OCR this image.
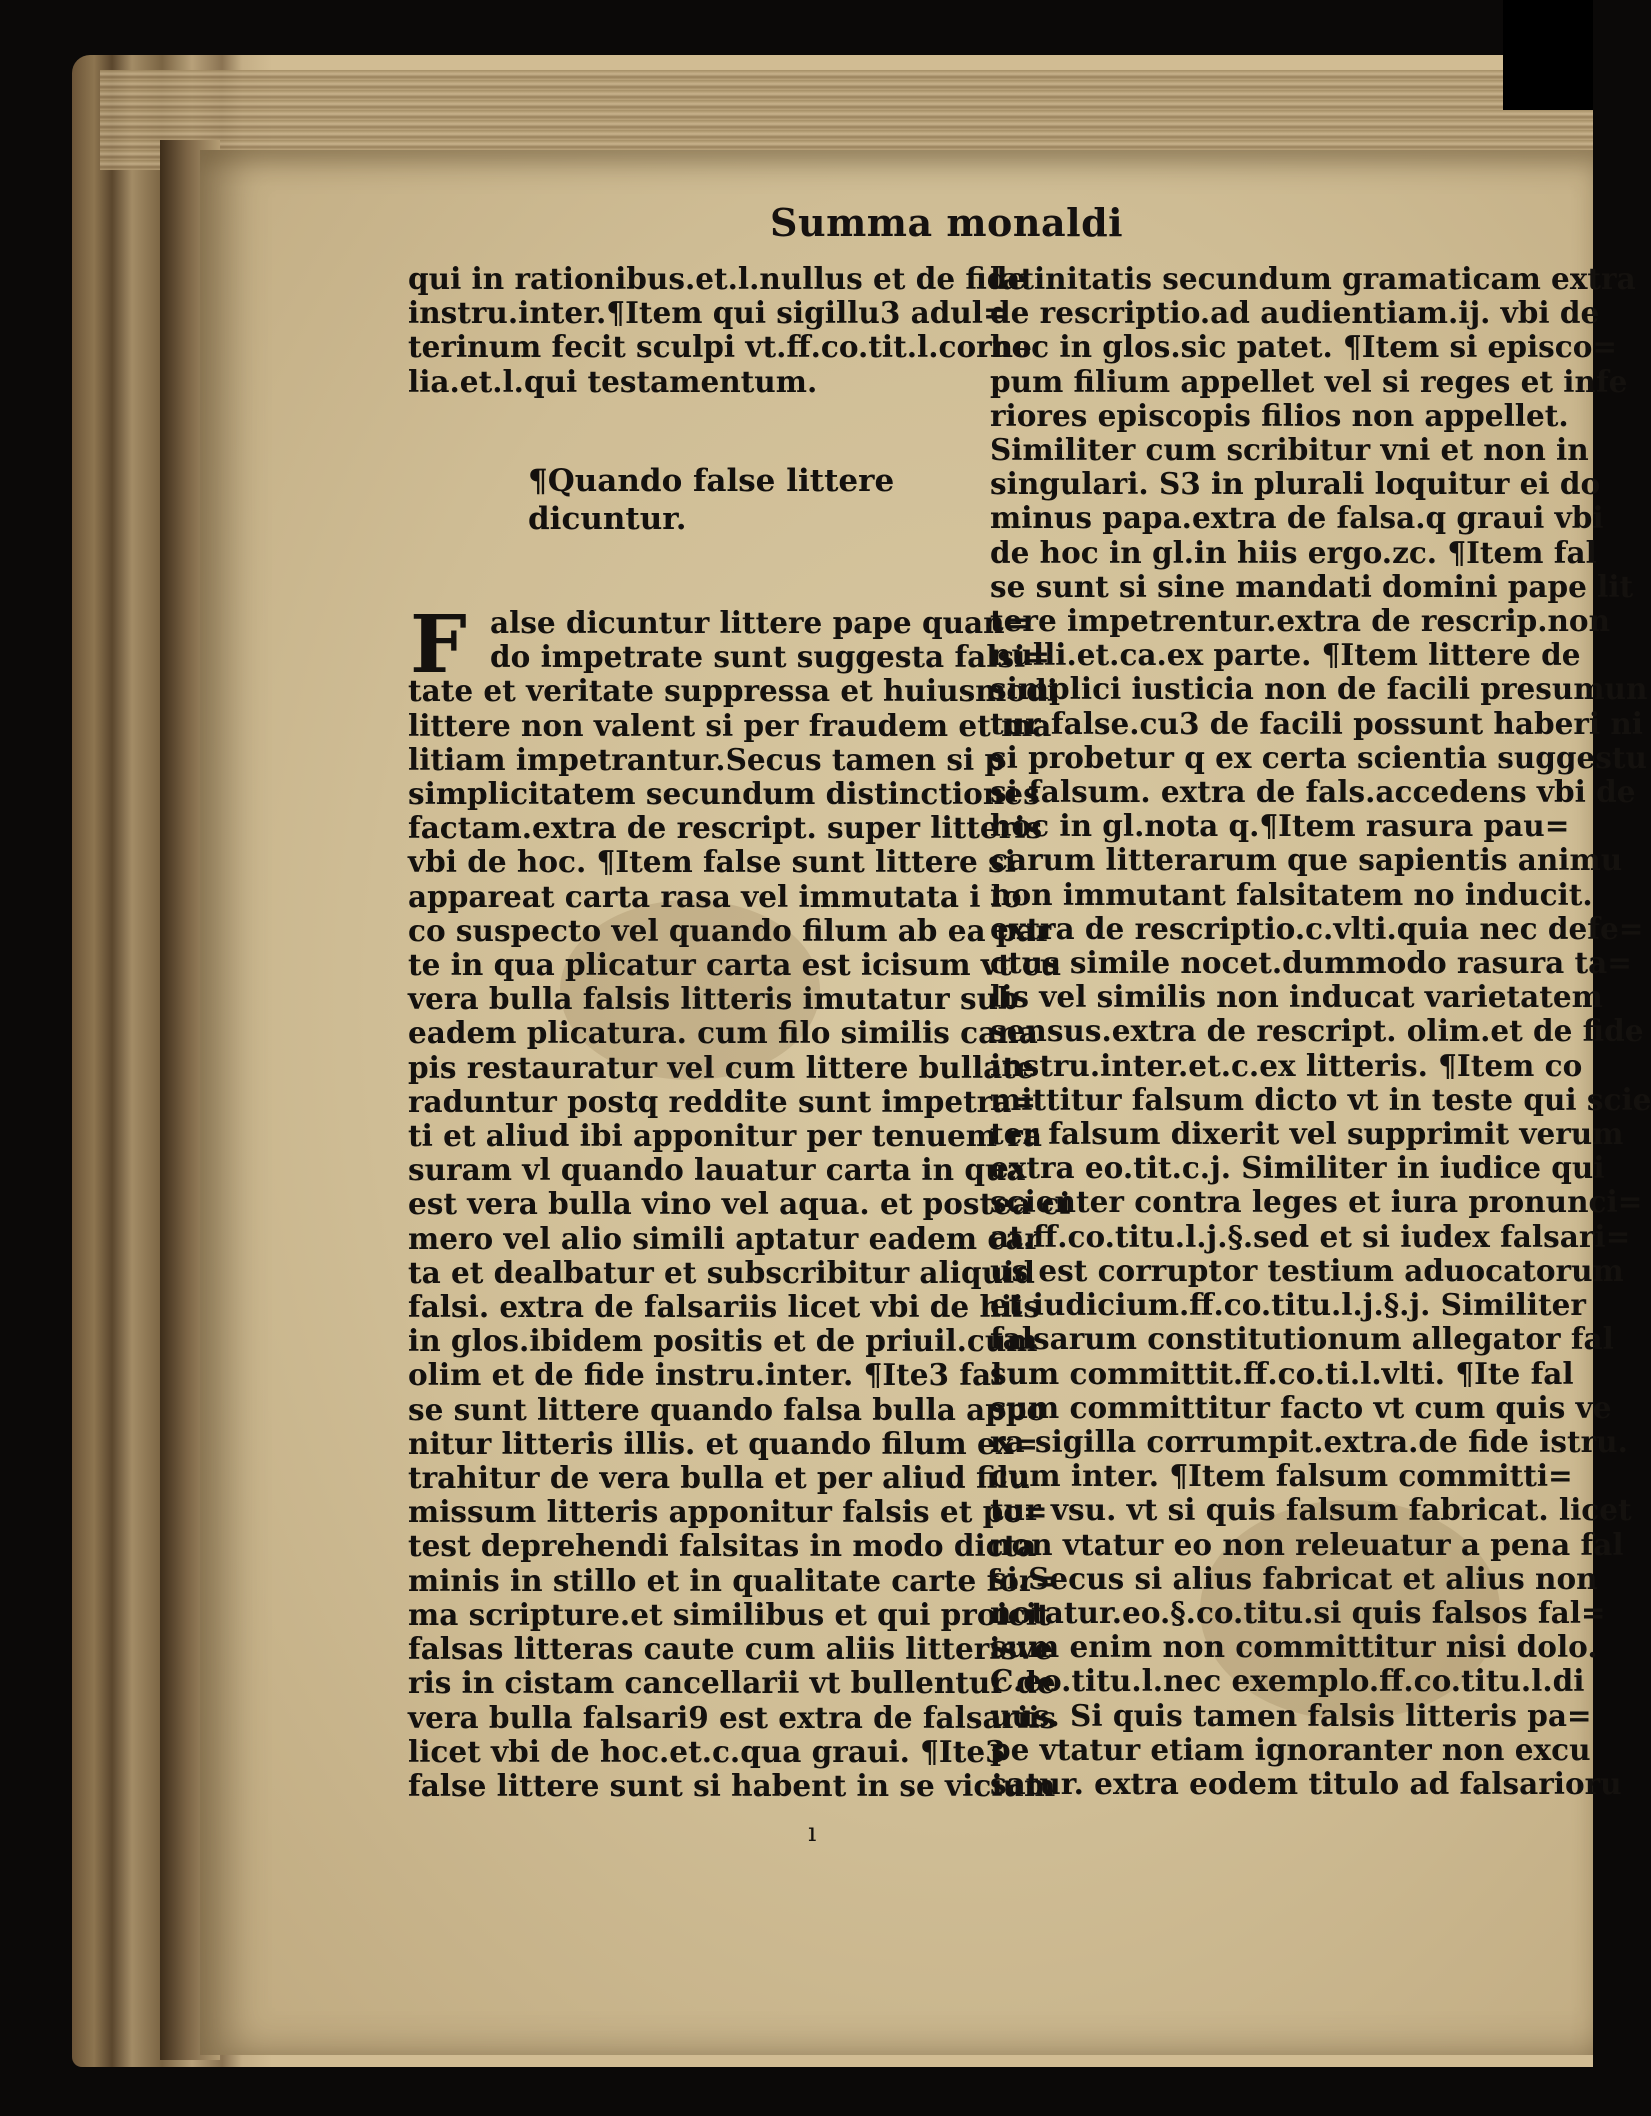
Summa monaldi
qui in rationibus.et.l.nullus et de fide
instru.inter.¶Item qui sigillu3 adul=
terinum fecit sculpi vt.ff.co.tit.l.corne
lia.et.l.qui testamentum.
¶Quando false littere
dicuntur.
F alse dicuntur littere pape quan=
do impetrate sunt suggesta falsi=
tate et veritate suppressa et huiusmodi
littere non valent si per fraudem et ma
litiam impetrantur.Secus tamen si p
simplicitatem secundum distinctiones
factam.extra de rescript. super litteris
vbi de hoc. ¶Item false sunt littere si
appareat carta rasa vel immutata i lo
co suspecto vel quando filum ab ea par
te in qua plicatur carta est icisum vt cu
vera bulla falsis litteris imutatur sub
eadem plicatura. cum filo similis cana
pis restauratur vel cum littere bullate
raduntur postq reddite sunt impetra=
ti et aliud ibi apponitur per tenuem ra
suram vl quando lauatur carta in qua
est vera bulla vino vel aqua. et postea ci
mero vel alio simili aptatur eadem car
ta et dealbatur et subscribitur aliquid
falsi. extra de falsariis licet vbi de hiis
in glos.ibidem positis et de priuil.cum
olim et de fide instru.inter. ¶Ite3 fal
se sunt littere quando falsa bulla appo
nitur litteris illis. et quando filum ex=
trahitur de vera bulla et per aliud filu
missum litteris apponitur falsis et po=
test deprehendi falsitas in modo dicta
minis in stillo et in qualitate carte for=
ma scripture.et similibus et qui proicit
falsas litteras caute cum aliis litterisve
ris in cistam cancellarii vt bullentur de
vera bulla falsari9 est extra de falsariis
licet vbi de hoc.et.c.qua graui. ¶Ite3
false littere sunt si habent in se vicium
latinitatis secundum gramaticam extra
de rescriptio.ad audientiam.ij. vbi de
hoc in glos.sic patet. ¶Item si episco=
pum filium appellet vel si reges et infe
riores episcopis filios non appellet.
Similiter cum scribitur vni et non in
singulari. S3 in plurali loquitur ei do
minus papa.extra de falsa.q graui vbi
de hoc in gl.in hiis ergo.zc. ¶Item fal
se sunt si sine mandati domini pape lit
tere impetrentur.extra de rescrip.non
nulli.et.ca.ex parte. ¶Item littere de
simplici iusticia non de facili presumun
tur false.cu3 de facili possunt haberi ni
si probetur q ex certa scientia suggestu
si falsum. extra de fals.accedens vbi de
hoc in gl.nota q.¶Item rasura pau=
carum litterarum que sapientis animu
non immutant falsitatem no inducit.
extra de rescriptio.c.vlti.quia nec defe=
ctus simile nocet.dummodo rasura ta=
lis vel similis non inducat varietatem
sensus.extra de rescript. olim.et de fide
instru.inter.et.c.ex litteris. ¶Item co
mittitur falsum dicto vt in teste qui scie
ter falsum dixerit vel supprimit verum
extra eo.tit.c.j. Similiter in iudice qui
scienter contra leges et iura pronunci=
at.ff.co.titu.l.j.§.sed et si iudex falsari=
us est corruptor testium aduocatorum
et iudicium.ff.co.titu.l.j.§.j. Similiter
falsarum constitutionum allegator fal
sum committit.ff.co.ti.l.vlti. ¶Ite fal
sum committitur facto vt cum quis ve
ra sigilla corrumpit.extra.de fide istru.
cum inter. ¶Item falsum committi=
tur vsu. vt si quis falsum fabricat. licet
non vtatur eo non releuatur a pena fal
si.Secus si alius fabricat et alius non
notatur.eo.§.co.titu.si quis falsos fal=
sum enim non committitur nisi dolo.
C.eo.titu.l.nec exemplo.ff.co.titu.l.di
uus. Si quis tamen falsis litteris pa=
pe vtatur etiam ignoranter non excu
satur. extra eodem titulo ad falsarioru
ı
